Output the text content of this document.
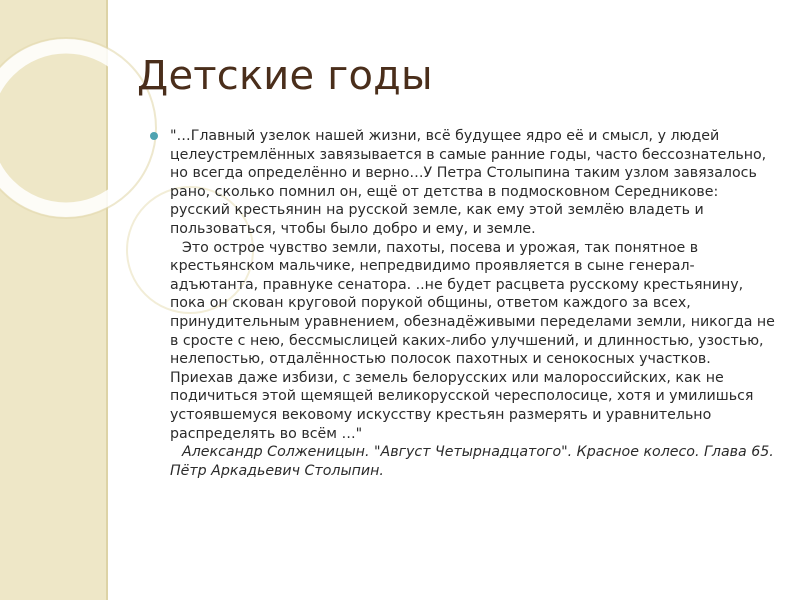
Детские годы

"…Главный узелок нашей жизни, всё будущее ядро её и смысл, у людей целеустремлённых завязывается в самые ранние годы, часто бессознательно, но всегда определённо и верно…У Петра Столыпина таким узлом завязалось рано, сколько помнил он, ещё от детства в подмосковном Середникове: русский крестьянин на русской земле, как ему этой землёю владеть и пользоваться, чтобы было добро и ему, и земле.

Это острое чувство земли, пахоты, посева и урожая, так понятное в крестьянском мальчике, непредвидимо проявляется в сыне генерал-адъютанта, правнуке сенатора. ..не будет расцвета русскому крестьянину, пока он скован круговой порукой общины, ответом каждого за всех, принудительным уравнением, обезнадёживыми переделами земли, никогда не в сросте с нею, бессмыслицей каких-либо улучшений, и длинностью, узостью, нелепостью, отдалённостью полосок пахотных и сенокосных участков. Приехав даже избизи, с земель белорусских или малороссийских, как не подичиться этой щемящей великорусской чересполосице, хотя и умилишься устоявшемуся вековому искусству крестьян размерять и уравнительно распределять во всём …"

Александр Солженицын. "Август Четырнадцатого". Красное колесо. Глава 65. Пётр Аркадьевич Столыпин.
